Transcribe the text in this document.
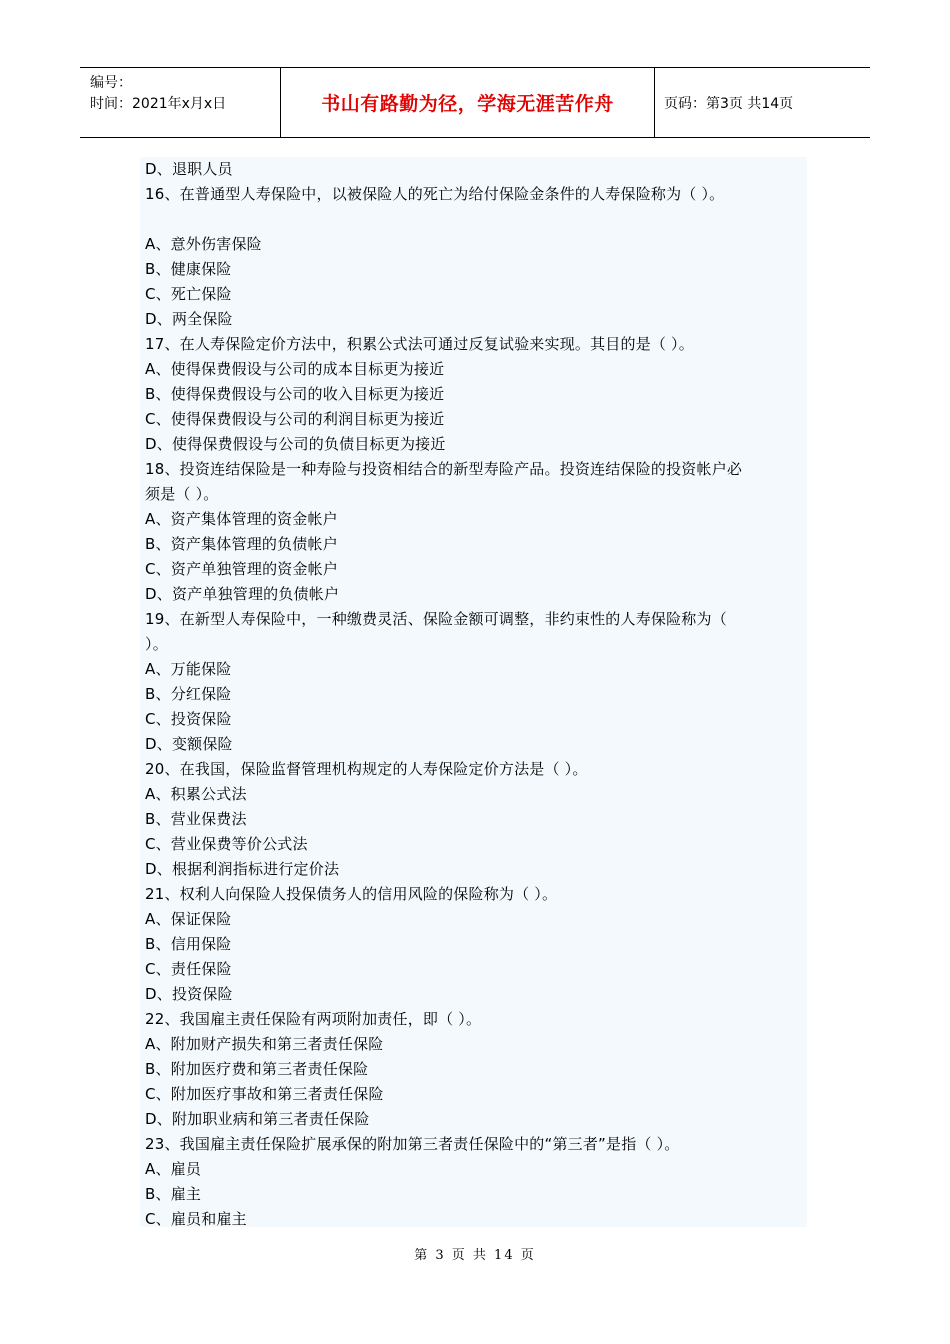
编号：
时间：2021年x月x日	书山有路勤为径，学海无涯苦作舟	页码：第3页 共14页
D、退职人员
16、在普通型人寿保险中，以被保险人的死亡为给付保险金条件的人寿保险称为（ ）。
A、意外伤害保险
B、健康保险
C、死亡保险
D、两全保险
17、在人寿保险定价方法中，积累公式法可通过反复试验来实现。其目的是（ ）。
A、使得保费假设与公司的成本目标更为接近
B、使得保费假设与公司的收入目标更为接近
C、使得保费假设与公司的利润目标更为接近
D、使得保费假设与公司的负债目标更为接近
18、投资连结保险是一种寿险与投资相结合的新型寿险产品。投资连结保险的投资帐户必
须是（ ）。
A、资产集体管理的资金帐户
B、资产集体管理的负债帐户
C、资产单独管理的资金帐户
D、资产单独管理的负债帐户
19、在新型人寿保险中，一种缴费灵活、保险金额可调整，非约束性的人寿保险称为（
）。
A、万能保险
B、分红保险
C、投资保险
D、变额保险
20、在我国，保险监督管理机构规定的人寿保险定价方法是（ ）。
A、积累公式法
B、营业保费法
C、营业保费等价公式法
D、根据利润指标进行定价法
21、权利人向保险人投保债务人的信用风险的保险称为（ ）。
A、保证保险
B、信用保险
C、责任保险
D、投资保险
22、我国雇主责任保险有两项附加责任，即（ ）。
A、附加财产损失和第三者责任保险
B、附加医疗费和第三者责任保险
C、附加医疗事故和第三者责任保险
D、附加职业病和第三者责任保险
23、我国雇主责任保险扩展承保的附加第三者责任保险中的“第三者”是指（ ）。
A、雇员
B、雇主
C、雇员和雇主
第 3 页 共 14 页
